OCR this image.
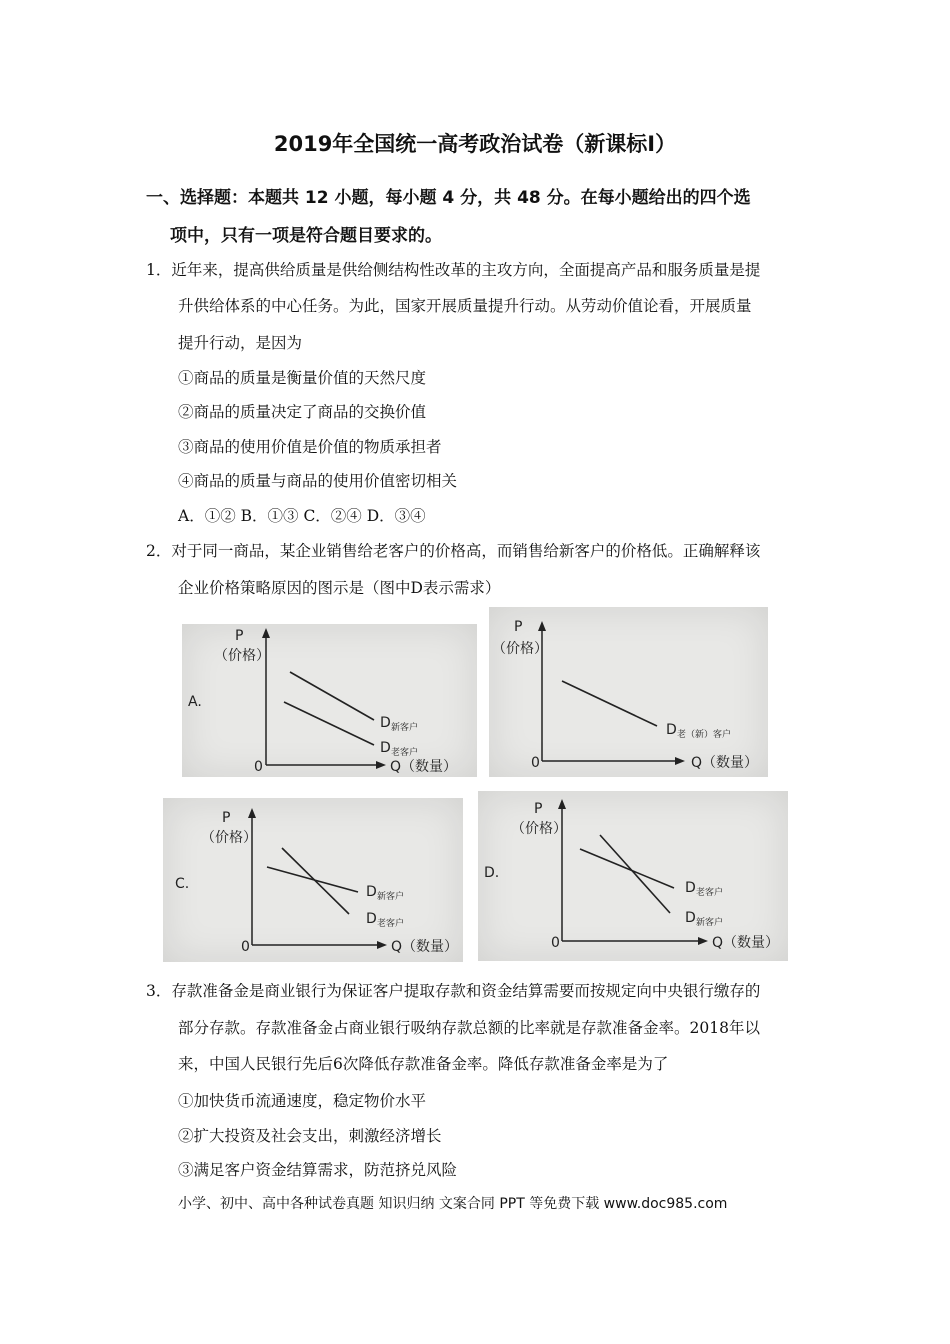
2019年全国统一高考政治试卷（新课标Ⅰ）
一、选择题：本题共 12 小题，每小题 4 分，共 48 分。在每小题给出的四个选
项中，只有一项是符合题目要求的。
1．近年来，提高供给质量是供给侧结构性改革的主攻方向，全面提高产品和服务质量是提
升供给体系的中心任务。为此，国家开展质量提升行动。从劳动价值论看，开展质量
提升行动，是因为
①商品的质量是衡量价值的天然尺度
②商品的质量决定了商品的交换价值
③商品的使用价值是价值的物质承担者
④商品的质量与商品的使用价值密切相关
A．①② B．①③ C．②④ D．③④
2．对于同一商品，某企业销售给老客户的价格高，而销售给新客户的价格低。正确解释该
企业价格策略原因的图示是（图中D表示需求）
P
（价格）
0	Q（数量）
A.
D 新客户
D 老客户
P
（价格）
0	Q（数量）
D 老（新）客户
P
（价格）
0	Q（数量）
C.	D 新客户
D 老客户
P
（价格）
0	Q（数量）
D.
D 老客户
D 新客户
3．存款准备金是商业银行为保证客户提取存款和资金结算需要而按规定向中央银行缴存的
部分存款。存款准备金占商业银行吸纳存款总额的比率就是存款准备金率。2018年以
来，中国人民银行先后6次降低存款准备金率。降低存款准备金率是为了
①加快货币流通速度，稳定物价水平
②扩大投资及社会支出，刺激经济增长
③满足客户资金结算需求，防范挤兑风险
小学、初中、高中各种试卷真题 知识归纳 文案合同 PPT 等免费下载 www.doc985.com
